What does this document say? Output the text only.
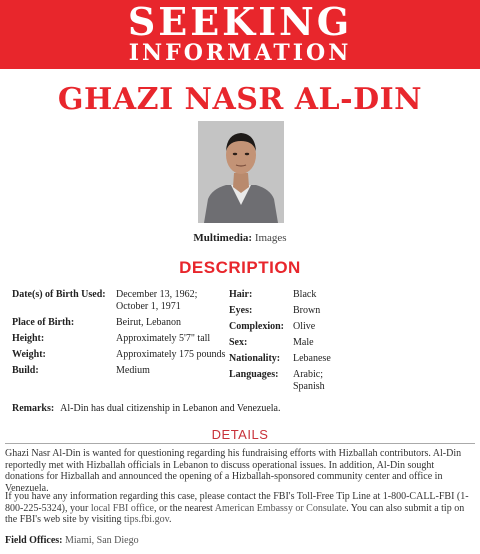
SEEKING
INFORMATION
GHAZI NASR AL-DIN
Multimedia: Images
DESCRIPTION
Date(s) of Birth Used:	December 13, 1962;
October 1, 1971

Place of Birth:	Beirut, Lebanon
Height:	Approximately 5'7" tall
Weight:	Approximately 175 pounds
Build:	Medium
Hair:	Black
Eyes:	Brown
Complexion:	Olive
Sex:	Male
Nationality:	Lebanese
Languages:	Arabic;
Spanish
Remarks: Al-Din has dual citizenship in Lebanon and Venezuela.
DETAILS
Ghazi Nasr Al-Din is wanted for questioning regarding his fundraising efforts with Hizballah contributors. Al-Din reportedly met with Hizballah officials in Lebanon to discuss operational issues. In addition, Al-Din sought donations for Hizballah and announced the opening of a Hizballah-sponsored community center and office in Venezuela.
If you have any information regarding this case, please contact the FBI's Toll-Free Tip Line at 1-800-CALL-FBI (1-800-225-5324), your local FBI office, or the nearest American Embassy or Consulate. You can also submit a tip on the FBI's web site by visiting tips.fbi.gov.
Field Offices: Miami, San Diego
